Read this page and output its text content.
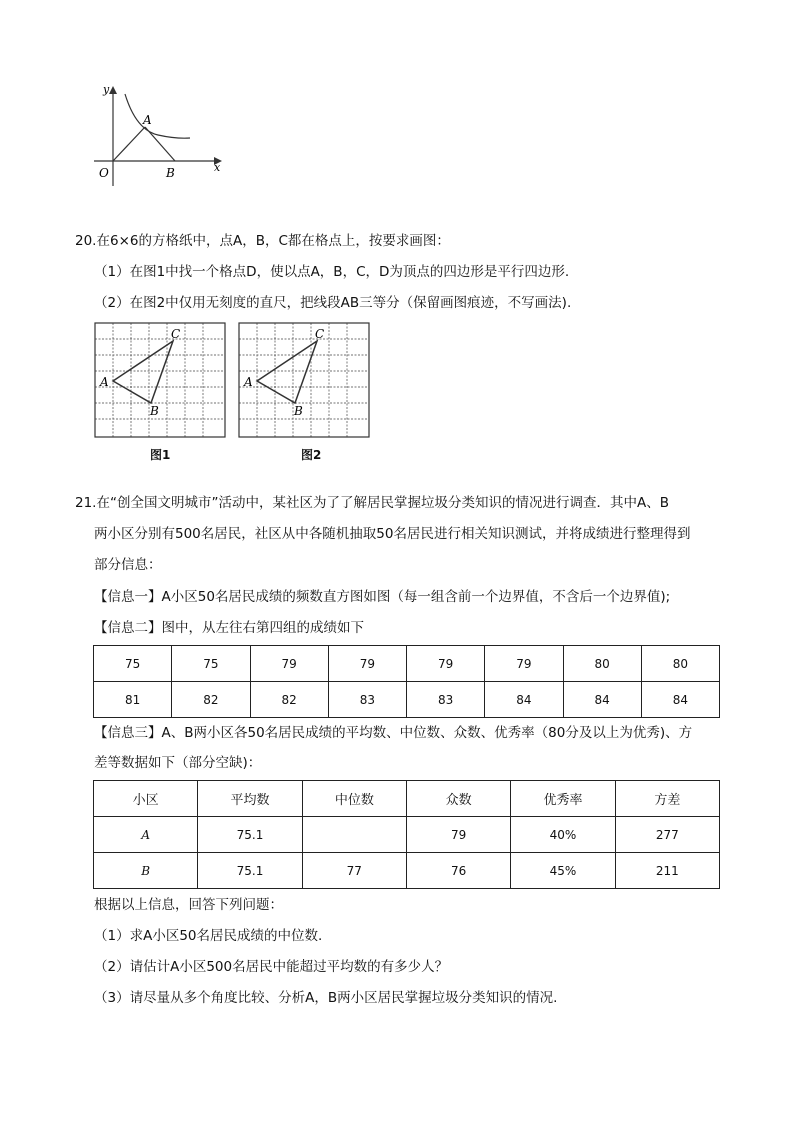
y
x
O
A
B
20.在6×6的方格纸中，点A，B，C都在格点上，按要求画图：
（1）在图1中找一个格点D，使以点A，B，C，D为顶点的四边形是平行四边形.
（2）在图2中仅用无刻度的直尺，把线段AB三等分（保留画图痕迹，不写画法).
A
B
C
图1
A
B
C
图2
21.在“创全国文明城市”活动中，某社区为了了解居民掌握垃圾分类知识的情况进行调查．其中A、B
两小区分别有500名居民，社区从中各随机抽取50名居民进行相关知识测试，并将成绩进行整理得到
部分信息：
【信息一】A小区50名居民成绩的频数直方图如图（每一组含前一个边界值，不含后一个边界值);
【信息二】图中，从左往右第四组的成绩如下
75	75	79	79	79	79	80	80
81	82	82	83	83	84	84	84
【信息三】A、B两小区各50名居民成绩的平均数、中位数、众数、优秀率（80分及以上为优秀)、方
差等数据如下（部分空缺)：
小区	平均数	中位数	众数	优秀率	方差
A	75.1		79	40%	277
B	75.1	77	76	45%	211
根据以上信息，回答下列问题：
（1）求A小区50名居民成绩的中位数.
（2）请估计A小区500名居民中能超过平均数的有多少人？
（3）请尽量从多个角度比较、分析A，B两小区居民掌握垃圾分类知识的情况.
